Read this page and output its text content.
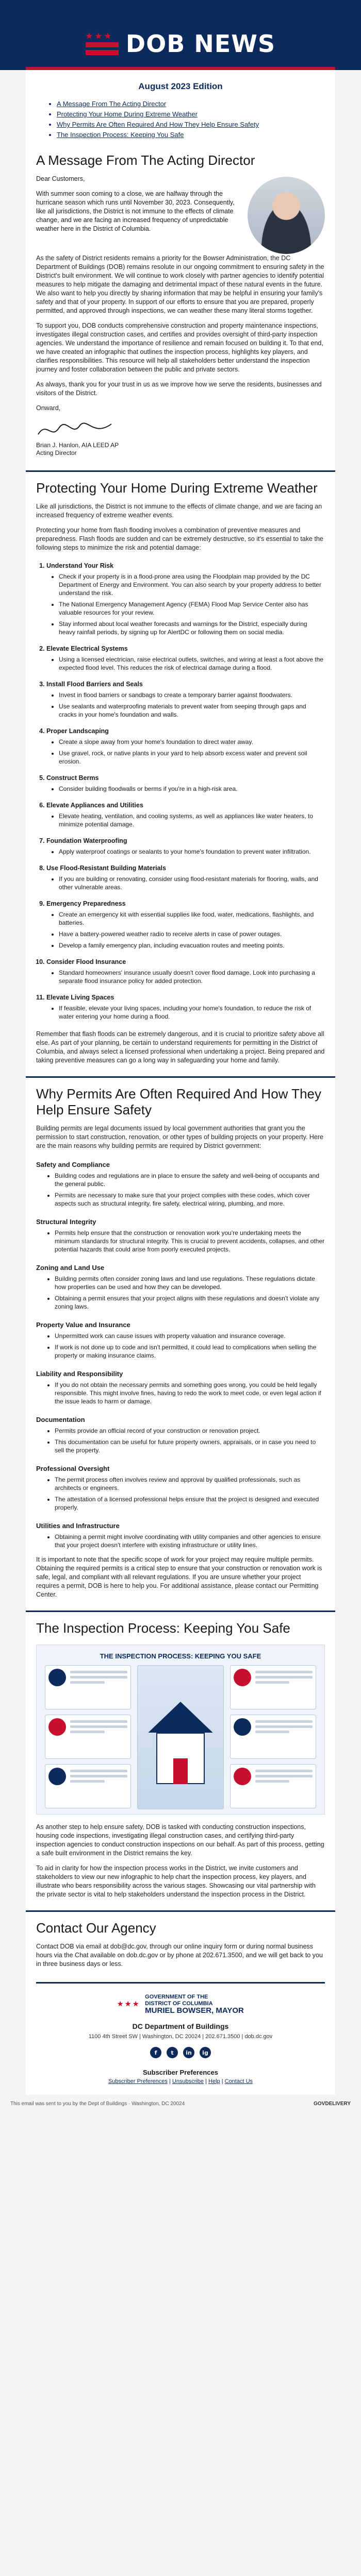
DOB NEWS
August 2023 Edition
• A Message From The Acting Director
• Protecting Your Home During Extreme Weather
• Why Permits Are Often Required And How They Help Ensure Safety
• The Inspection Process: Keeping You Safe
A Message From The Acting Director

Dear Customers,

With summer soon coming to a close, we are halfway through the hurricane season which runs until November 30, 2023. Consequently, like all jurisdictions, the District is not immune to the effects of climate change, and we are facing an increased frequency of unpredictable weather here in the District of Columbia.

As the safety of District residents remains a priority for the Bowser Administration, the DC Department of Buildings (DOB) remains resolute in our ongoing commitment to ensuring safety in the District's built environment. We will continue to work closely with partner agencies to identify potential measures to help mitigate the damaging and detrimental impact of these natural events in the future. We also want to help you directly by sharing information that may be helpful in ensuring your family's safety and that of your property. In support of our efforts to ensure that you are prepared, properly permitted, and approved through inspections, we can weather these many literal storms together.

To support you, DOB conducts comprehensive construction and property maintenance inspections, investigates illegal construction cases, and certifies and provides oversight of third-party inspection agencies. We understand the importance of resilience and remain focused on building it. To that end, we have created an infographic that outlines the inspection process, highlights key players, and clarifies responsibilities. This resource will help all stakeholders better understand the inspection journey and foster collaboration between the public and private sectors.

As always, thank you for your trust in us as we improve how we serve the residents, businesses and visitors of the District.

Onward,

Brian J. Hanlon, AIA LEED AP
Acting Director
Protecting Your Home During Extreme Weather

Like all jurisdictions, the District is not immune to the effects of climate change, and we are facing an increased frequency of extreme weather events.

Protecting your home from flash flooding involves a combination of preventive measures and preparedness. Flash floods are sudden and can be extremely destructive, so it's essential to take the following steps to minimize the risk and potential damage:

1. Understand Your Risk
• Check if your property is in a flood-prone area using the Floodplain map provided by the DC Department of Energy and Environment. You can also search by your property address to better understand the risk.
• The National Emergency Management Agency (FEMA) Flood Map Service Center also has valuable resources for your review.
• Stay informed about local weather forecasts and warnings for the District, especially during heavy rainfall periods, by signing up for AlertDC or following them on social media.
2. Elevate Electrical Systems
• Using a licensed electrician, raise electrical outlets, switches, and wiring at least a foot above the expected flood level. This reduces the risk of electrical damage during a flood.
3. Install Flood Barriers and Seals
• Invest in flood barriers or sandbags to create a temporary barrier against floodwaters.
• Use sealants and waterproofing materials to prevent water from seeping through gaps and cracks in your home's foundation and walls.
4. Proper Landscaping
• Create a slope away from your home's foundation to direct water away.
• Use gravel, rock, or native plants in your yard to help absorb excess water and prevent soil erosion.
5. Construct Berms
• Consider building floodwalls or berms if you're in a high-risk area.
6. Elevate Appliances and Utilities
• Elevate heating, ventilation, and cooling systems, as well as appliances like water heaters, to minimize potential damage.
7. Foundation Waterproofing
• Apply waterproof coatings or sealants to your home's foundation to prevent water infiltration.
8. Use Flood-Resistant Building Materials
• If you are building or renovating, consider using flood-resistant materials for flooring, walls, and other vulnerable areas.
9. Emergency Preparedness
• Create an emergency kit with essential supplies like food, water, medications, flashlights, and batteries.
• Have a battery-powered weather radio to receive alerts in case of power outages.
• Develop a family emergency plan, including evacuation routes and meeting points.
10. Consider Flood Insurance
• Standard homeowners' insurance usually doesn't cover flood damage. Look into purchasing a separate flood insurance policy for added protection.
11. Elevate Living Spaces
• If feasible, elevate your living spaces, including your home's foundation, to reduce the risk of water entering your home during a flood.

Remember that flash floods can be extremely dangerous, and it is crucial to prioritize safety above all else. As part of your planning, be certain to understand requirements for permitting in the District of Columbia, and always select a licensed professional when undertaking a project. Being prepared and taking preventive measures can go a long way in safeguarding your home and family.

Why Permits Are Often Required And How They Help Ensure Safety

Building permits are legal documents issued by local government authorities that grant you the permission to start construction, renovation, or other types of building projects on your property. Here are the main reasons why building permits are required by District government:

Safety and Compliance
• Building codes and regulations are in place to ensure the safety and well-being of occupants and the general public.
• Permits are necessary to make sure that your project complies with these codes, which cover aspects such as structural integrity, fire safety, electrical wiring, plumbing, and more.
Structural Integrity
• Permits help ensure that the construction or renovation work you're undertaking meets the minimum standards for structural integrity. This is crucial to prevent accidents, collapses, and other potential hazards that could arise from poorly executed projects.
Zoning and Land Use
• Building permits often consider zoning laws and land use regulations. These regulations dictate how properties can be used and how they can be developed.
• Obtaining a permit ensures that your project aligns with these regulations and doesn't violate any zoning laws.
Property Value and Insurance
• Unpermitted work can cause issues with property valuation and insurance coverage.
• If work is not done up to code and isn't permitted, it could lead to complications when selling the property or making insurance claims.
Liability and Responsibility
• If you do not obtain the necessary permits and something goes wrong, you could be held legally responsible. This might involve fines, having to redo the work to meet code, or even legal action if the issue leads to harm or damage.
Documentation
• Permits provide an official record of your construction or renovation project.
• This documentation can be useful for future property owners, appraisals, or in case you need to sell the property.
Professional Oversight
• The permit process often involves review and approval by qualified professionals, such as architects or engineers.
• The attestation of a licensed professional helps ensure that the project is designed and executed properly.
Utilities and Infrastructure
• Obtaining a permit might involve coordinating with utility companies and other agencies to ensure that your project doesn't interfere with existing infrastructure or utility lines.

It is important to note that the specific scope of work for your project may require multiple permits. Obtaining the required permits is a critical step to ensure that your construction or renovation work is safe, legal, and compliant with all relevant regulations. If you are unsure whether your project requires a permit, DOB is here to help you. For additional assistance, please contact our Permitting Center.

The Inspection Process: Keeping You Safe
THE INSPECTION PROCESS: KEEPING YOU SAFE

As another step to help ensure safety, DOB is tasked with conducting construction inspections, housing code inspections, investigating illegal construction cases, and certifying third-party inspection agencies to conduct construction inspections on our behalf. As part of this process, getting a safe built environment in the District remains the key.

To aid in clarity for how the inspection process works in the District, we invite customers and stakeholders to view our new infographic to help chart the inspection process, key players, and illustrate who bears responsibility across the various stages. Showcasing our vital partnership with the private sector is vital to help stakeholders understand the inspection process in the District.

Contact Our Agency

Contact DOB via email at dob@dc.gov, through our online inquiry form or during normal business hours via the Chat available on dob.dc.gov or by phone at 202.671.3500, and we will get back to you in three business days or less.

GOVERNMENT OF THE
DISTRICT OF COLUMBIA
MURIEL BOWSER, MAYOR
DC Department of Buildings
1100 4th Street SW | Washington, DC 20024 | 202.671.3500 | dob.dc.gov
f	t	in	ig
Subscriber Preferences
Subscriber Preferences | Unsubscribe | Help | Contact Us
This email was sent to you by the Dept of Buildings · Washington, DC 20024	GOVDELIVERY
